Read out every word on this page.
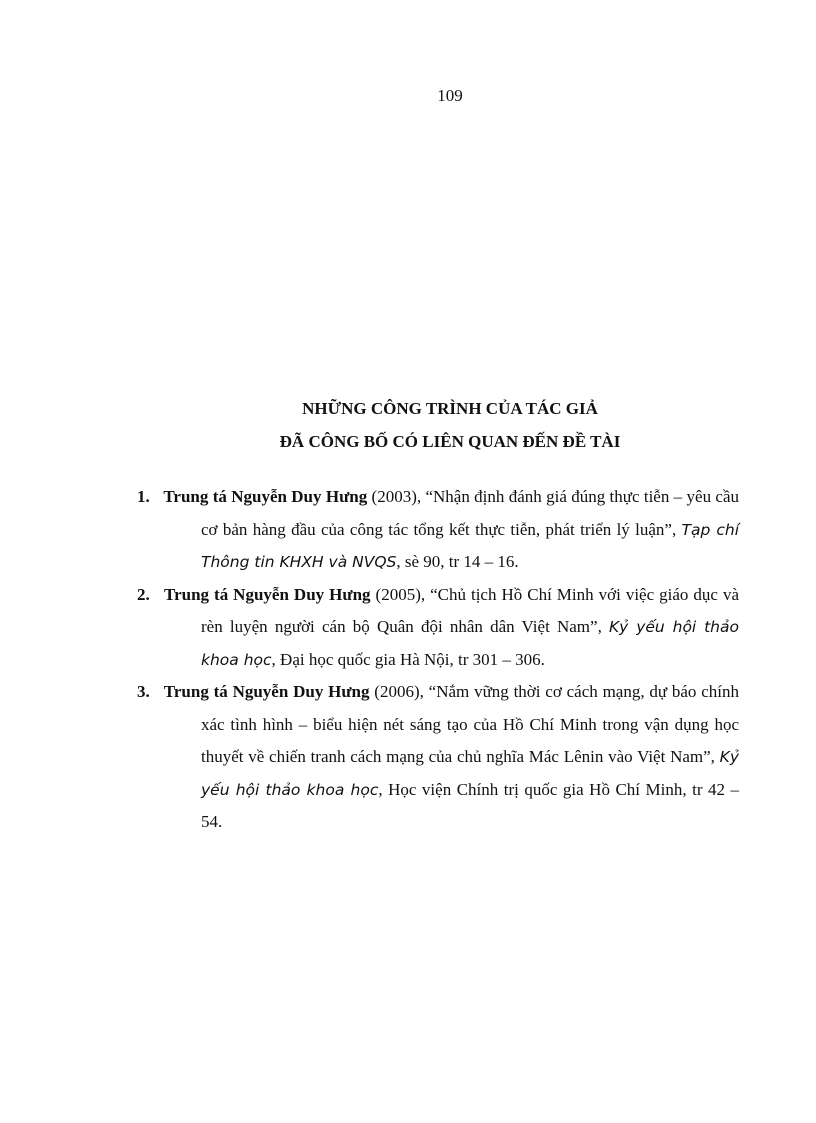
109
NHỮNG CÔNG TRÌNH CỦA TÁC GIẢ
ĐÃ CÔNG BỐ CÓ LIÊN QUAN ĐẾN ĐỀ TÀI
1. Trung tá Nguyễn Duy Hưng (2003), “Nhận định đánh giá đúng thực tiễn – yêu cầu cơ bản hàng đầu của công tác tổng kết thực tiễn, phát triển lý luận”, Tạp chí Thông tin KHXH và NVQS, sè 90, tr 14 – 16.
2. Trung tá Nguyễn Duy Hưng (2005), “Chủ tịch Hồ Chí Minh với việc giáo dục và rèn luyện người cán bộ Quân đội nhân dân Việt Nam”, Kỷ yếu hội thảo khoa học, Đại học quốc gia Hà Nội, tr 301 – 306.
3. Trung tá Nguyễn Duy Hưng (2006), “Nắm vững thời cơ cách mạng, dự báo chính xác tình hình – biểu hiện nét sáng tạo của Hồ Chí Minh trong vận dụng học thuyết về chiến tranh cách mạng của chủ nghĩa Mác Lênin vào Việt Nam”, Kỷ yếu hội thảo khoa học, Học viện Chính trị quốc gia Hồ Chí Minh, tr 42 – 54.
